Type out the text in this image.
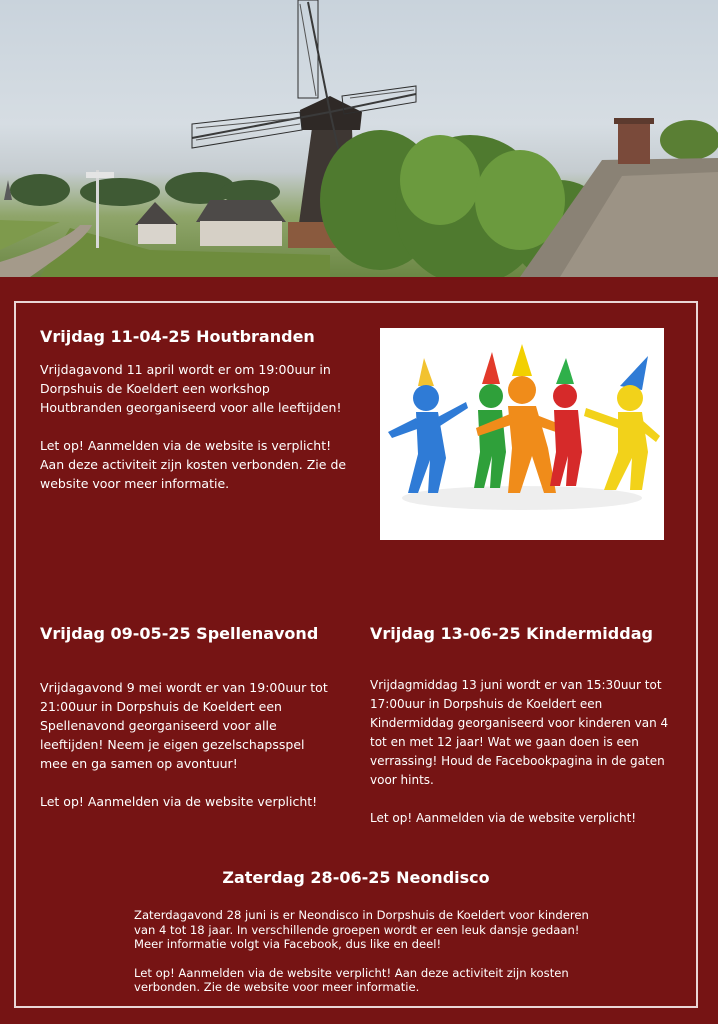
Vrijdag 11-04-25 Houtbranden

Vrijdagavond 11 april wordt er om 19:00uur in Dorpshuis de Koeldert een workshop Houtbranden georganiseerd voor alle leeftijden!

Let op! Aanmelden via de website is verplicht! Aan deze activiteit zijn kosten verbonden. Zie de website voor meer informatie.

Vrijdag 09-05-25 Spellenavond

Vrijdagavond 9 mei wordt er van 19:00uur tot 21:00uur in Dorpshuis de Koeldert een Spellenavond georganiseerd voor alle leeftijden! Neem je eigen gezelschapsspel mee en ga samen op avontuur!

Let op! Aanmelden via de website verplicht!

Vrijdag 13-06-25 Kindermiddag

Vrijdagmiddag 13 juni wordt er van 15:30uur tot 17:00uur in Dorpshuis de Koeldert een Kindermiddag georganiseerd voor kinderen van 4 tot en met 12 jaar! Wat we gaan doen is een verrassing! Houd de Facebookpagina in de gaten voor hints.

Let op! Aanmelden via de website verplicht!

Zaterdag 28-06-25 Neondisco

Zaterdagavond 28 juni is er Neondisco in Dorpshuis de Koeldert voor kinderen van 4 tot 18 jaar. In verschillende groepen wordt er een leuk dansje gedaan! Meer informatie volgt via Facebook, dus like en deel!

Let op! Aanmelden via de website verplicht! Aan deze activiteit zijn kosten verbonden. Zie de website voor meer informatie.
